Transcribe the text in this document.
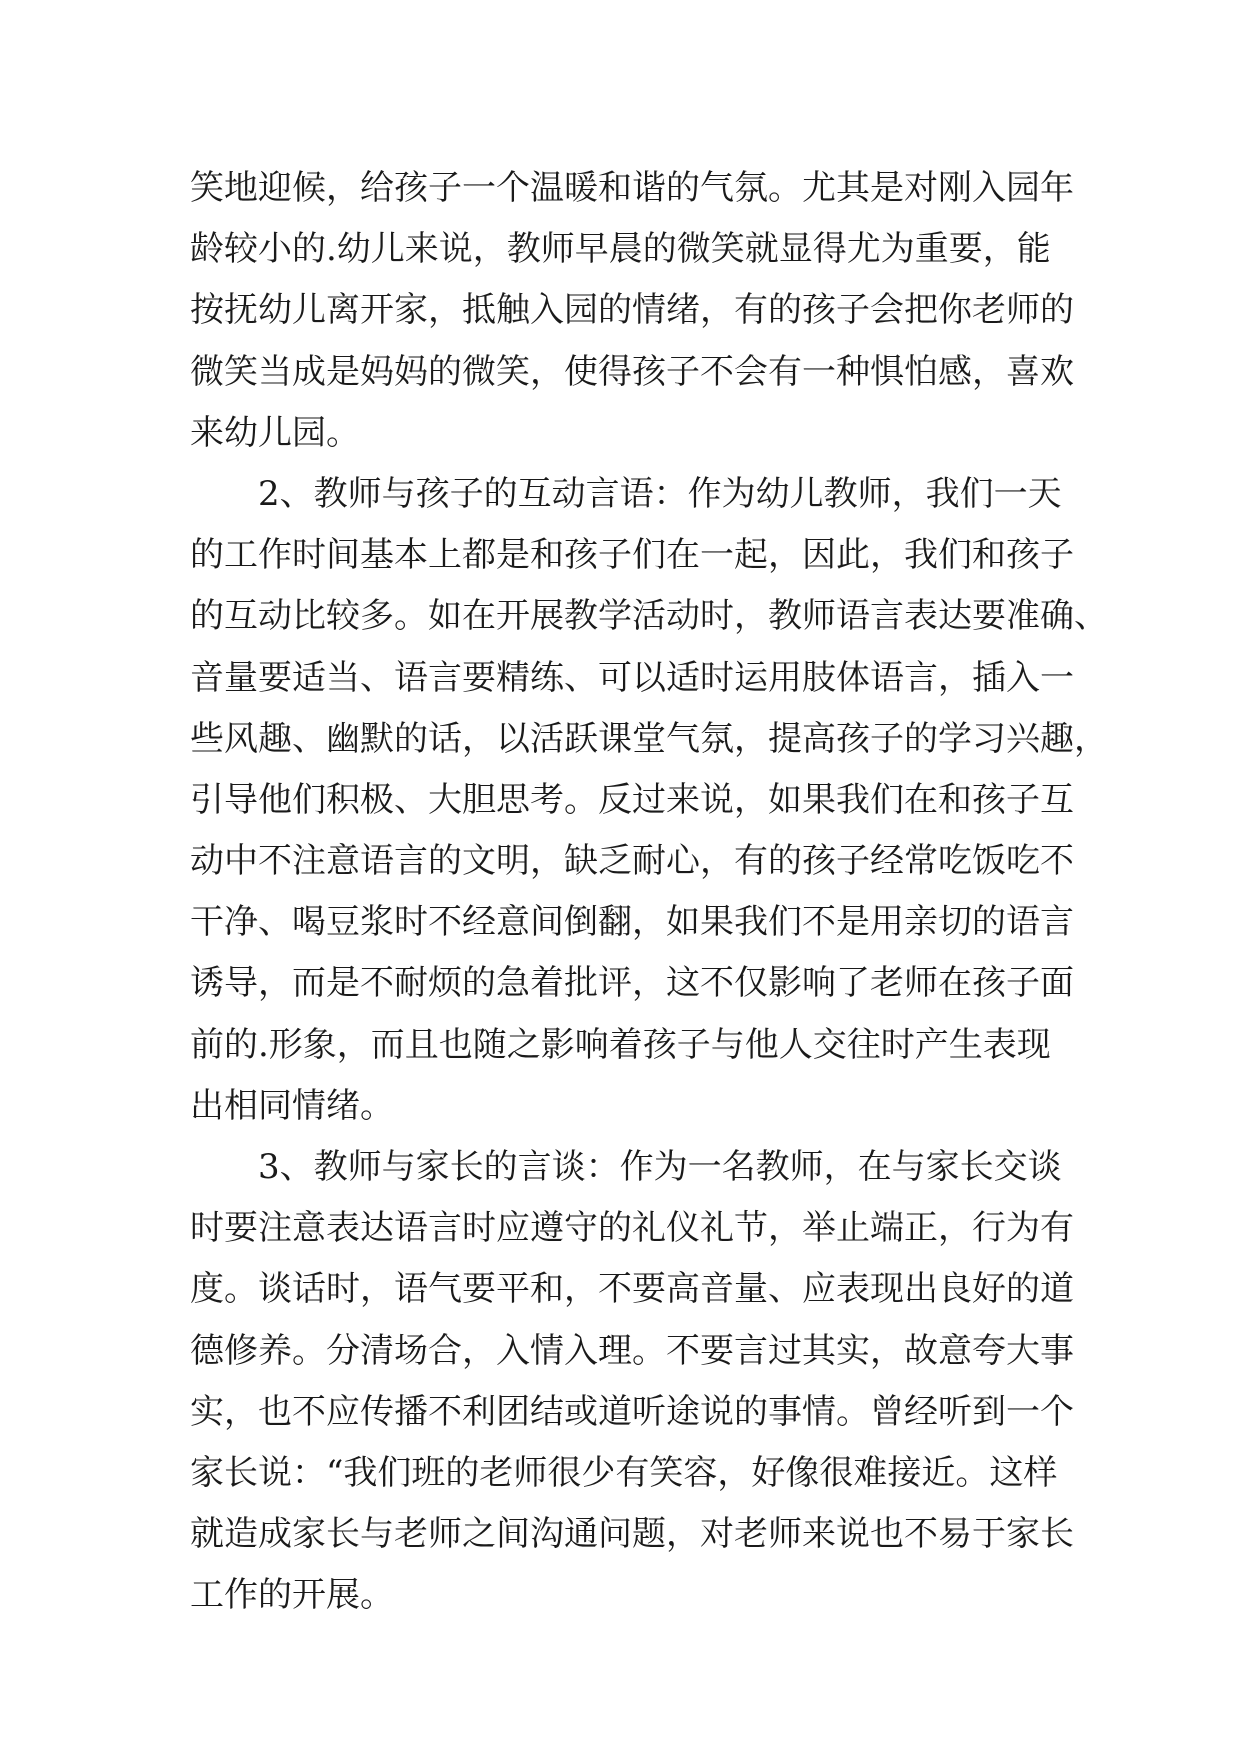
笑地迎候，给孩子一个温暖和谐的气氛。尤其是对刚入园年
龄较小的.幼儿来说，教师早晨的微笑就显得尤为重要，能
按抚幼儿离开家，抵触入园的情绪，有的孩子会把你老师的
微笑当成是妈妈的微笑，使得孩子不会有一种惧怕感，喜欢
来幼儿园。
2、教师与孩子的互动言语：作为幼儿教师，我们一天
的工作时间基本上都是和孩子们在一起，因此，我们和孩子
的互动比较多。如在开展教学活动时，教师语言表达要准确、
音量要适当、语言要精练、可以适时运用肢体语言，插入一
些风趣、幽默的话，以活跃课堂气氛，提高孩子的学习兴趣，
引导他们积极、大胆思考。反过来说，如果我们在和孩子互
动中不注意语言的文明，缺乏耐心，有的孩子经常吃饭吃不
干净、喝豆浆时不经意间倒翻，如果我们不是用亲切的语言
诱导，而是不耐烦的急着批评，这不仅影响了老师在孩子面
前的.形象，而且也随之影响着孩子与他人交往时产生表现
出相同情绪。
3、教师与家长的言谈：作为一名教师，在与家长交谈
时要注意表达语言时应遵守的礼仪礼节，举止端正，行为有
度。谈话时，语气要平和，不要高音量、应表现出良好的道
德修养。分清场合，入情入理。不要言过其实，故意夸大事
实，也不应传播不利团结或道听途说的事情。曾经听到一个
家长说：“我们班的老师很少有笑容，好像很难接近。这样
就造成家长与老师之间沟通问题，对老师来说也不易于家长
工作的开展。
